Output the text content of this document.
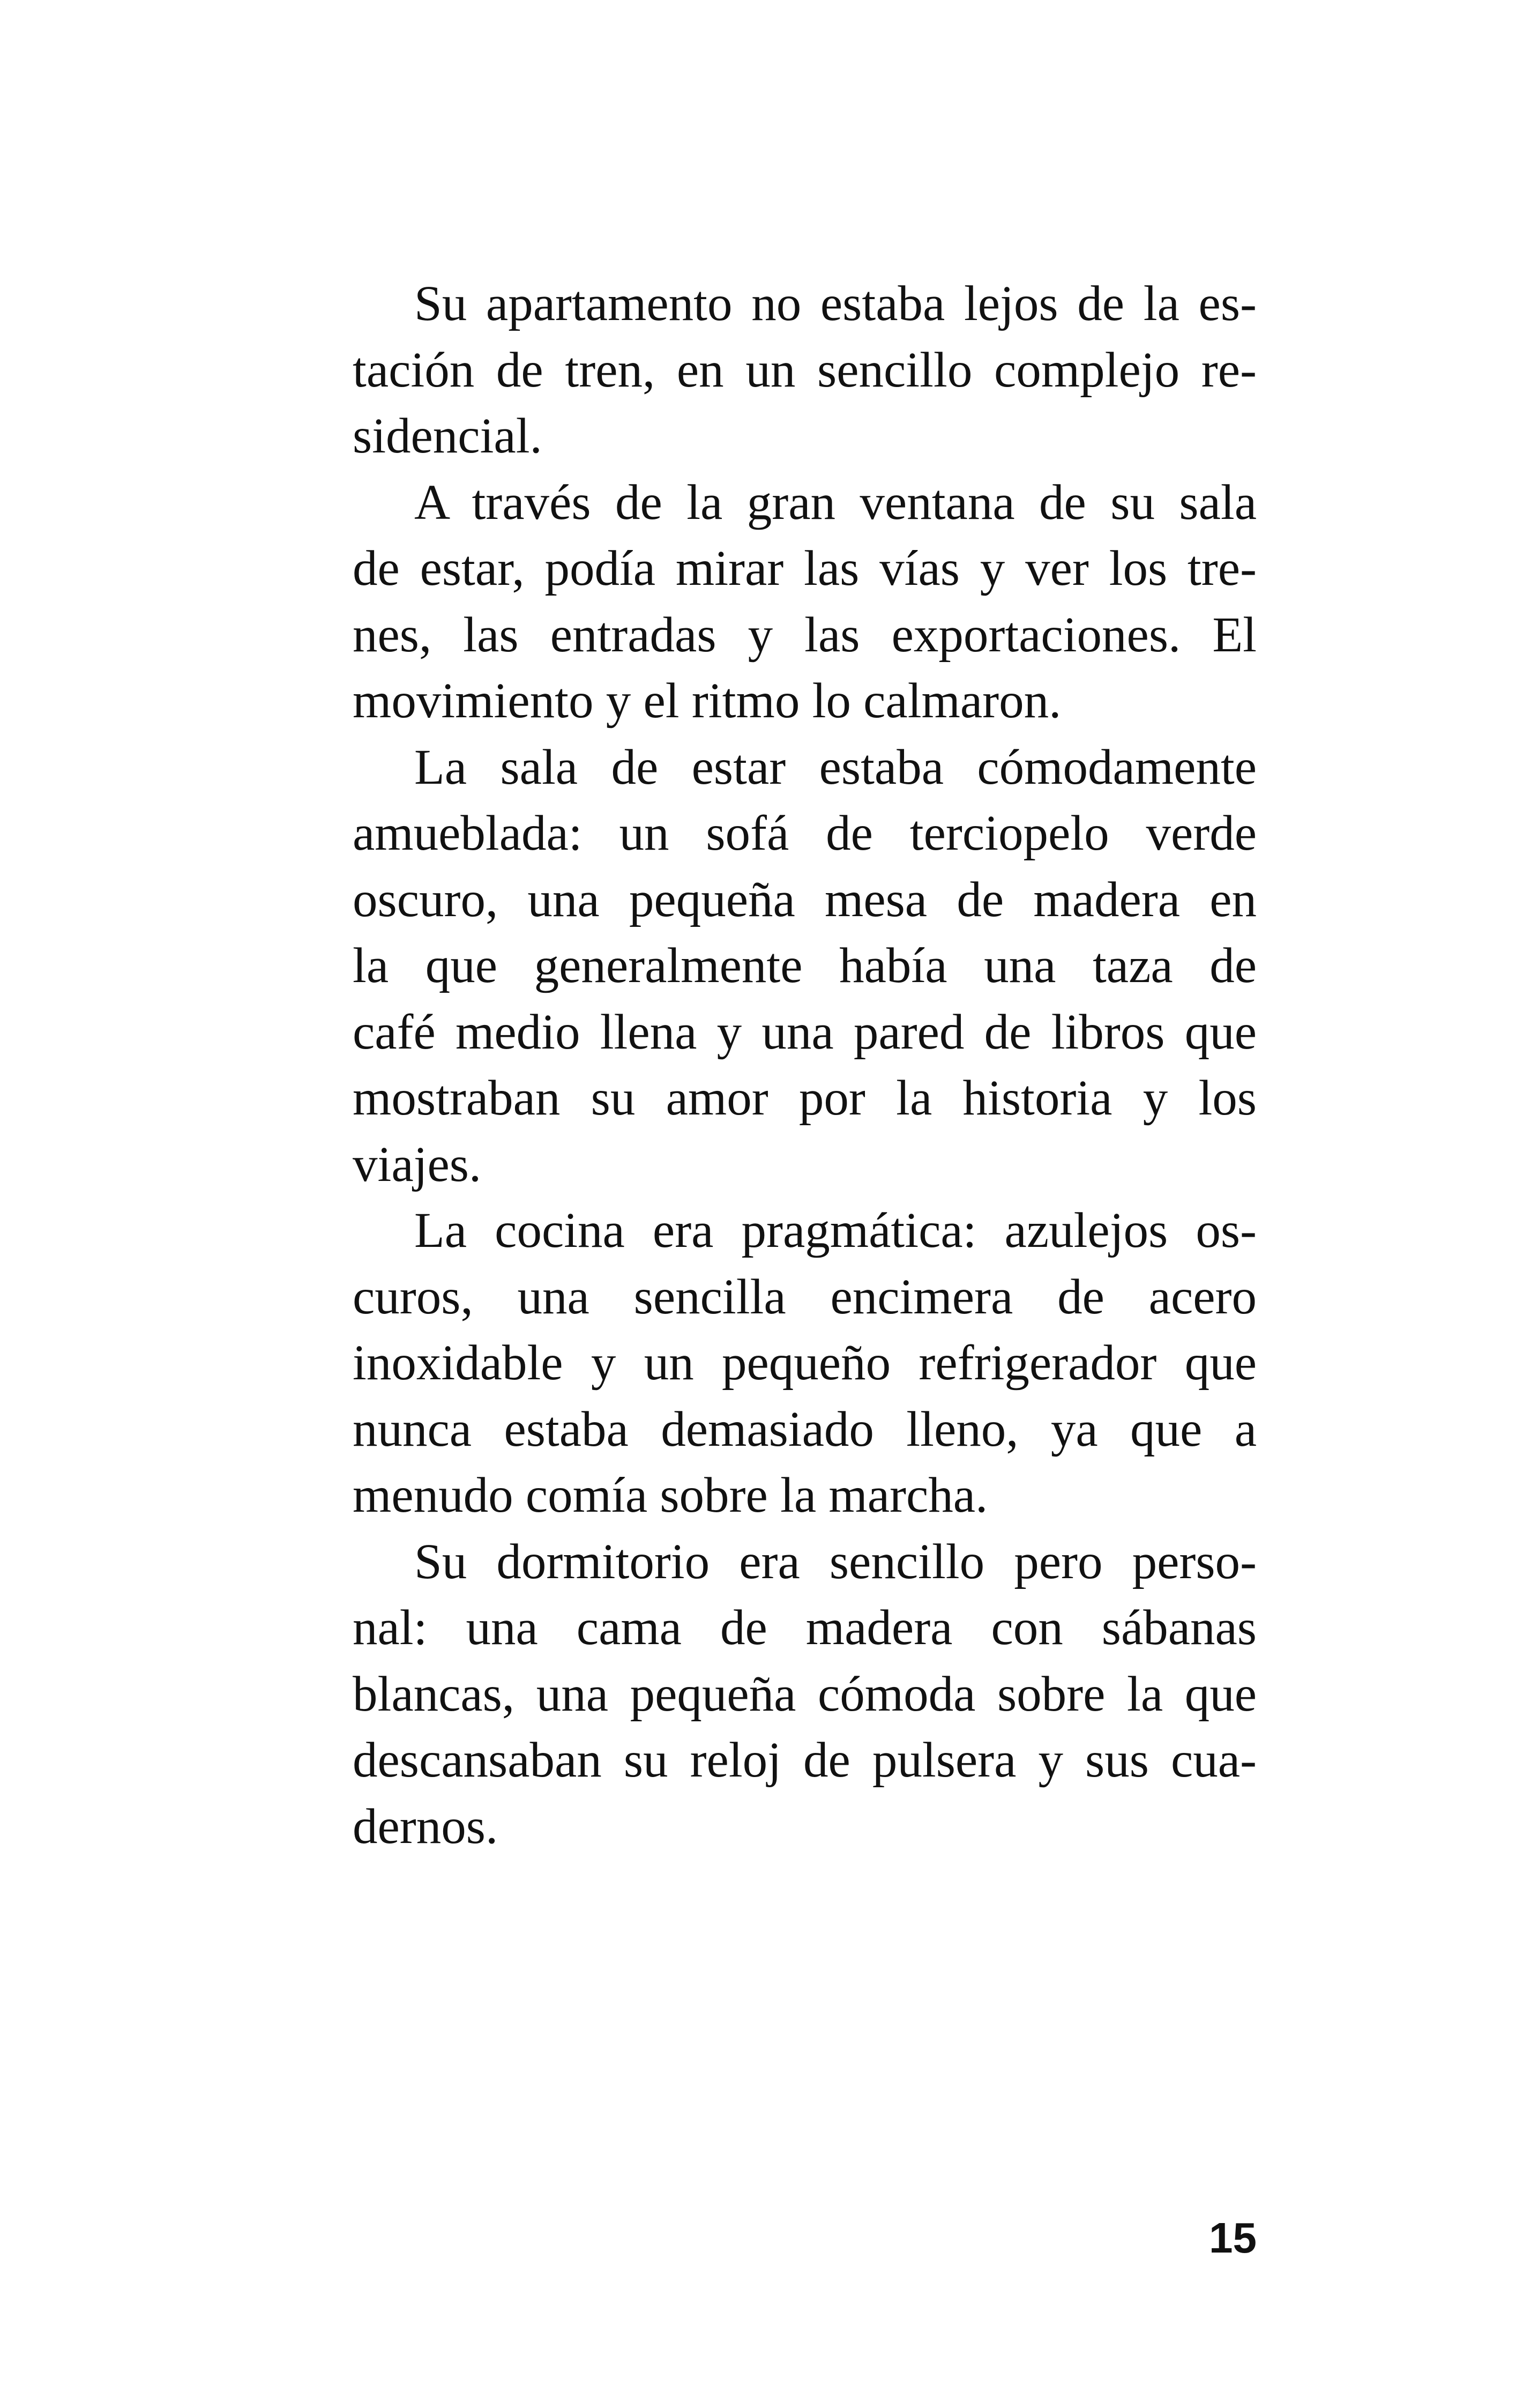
Su apartamento no estaba lejos de la es-
tación de tren, en un sencillo complejo re-
sidencial.
A través de la gran ventana de su sala
de estar, podía mirar las vías y ver los tre-
nes, las entradas y las exportaciones. El
movimiento y el ritmo lo calmaron.
La sala de estar estaba cómodamente
amueblada: un sofá de terciopelo verde
oscuro, una pequeña mesa de madera en
la que generalmente había una taza de
café medio llena y una pared de libros que
mostraban su amor por la historia y los
viajes.
La cocina era pragmática: azulejos os-
curos, una sencilla encimera de acero
inoxidable y un pequeño refrigerador que
nunca estaba demasiado lleno, ya que a
menudo comía sobre la marcha.
Su dormitorio era sencillo pero perso-
nal: una cama de madera con sábanas
blancas, una pequeña cómoda sobre la que
descansaban su reloj de pulsera y sus cua-
dernos.
15
